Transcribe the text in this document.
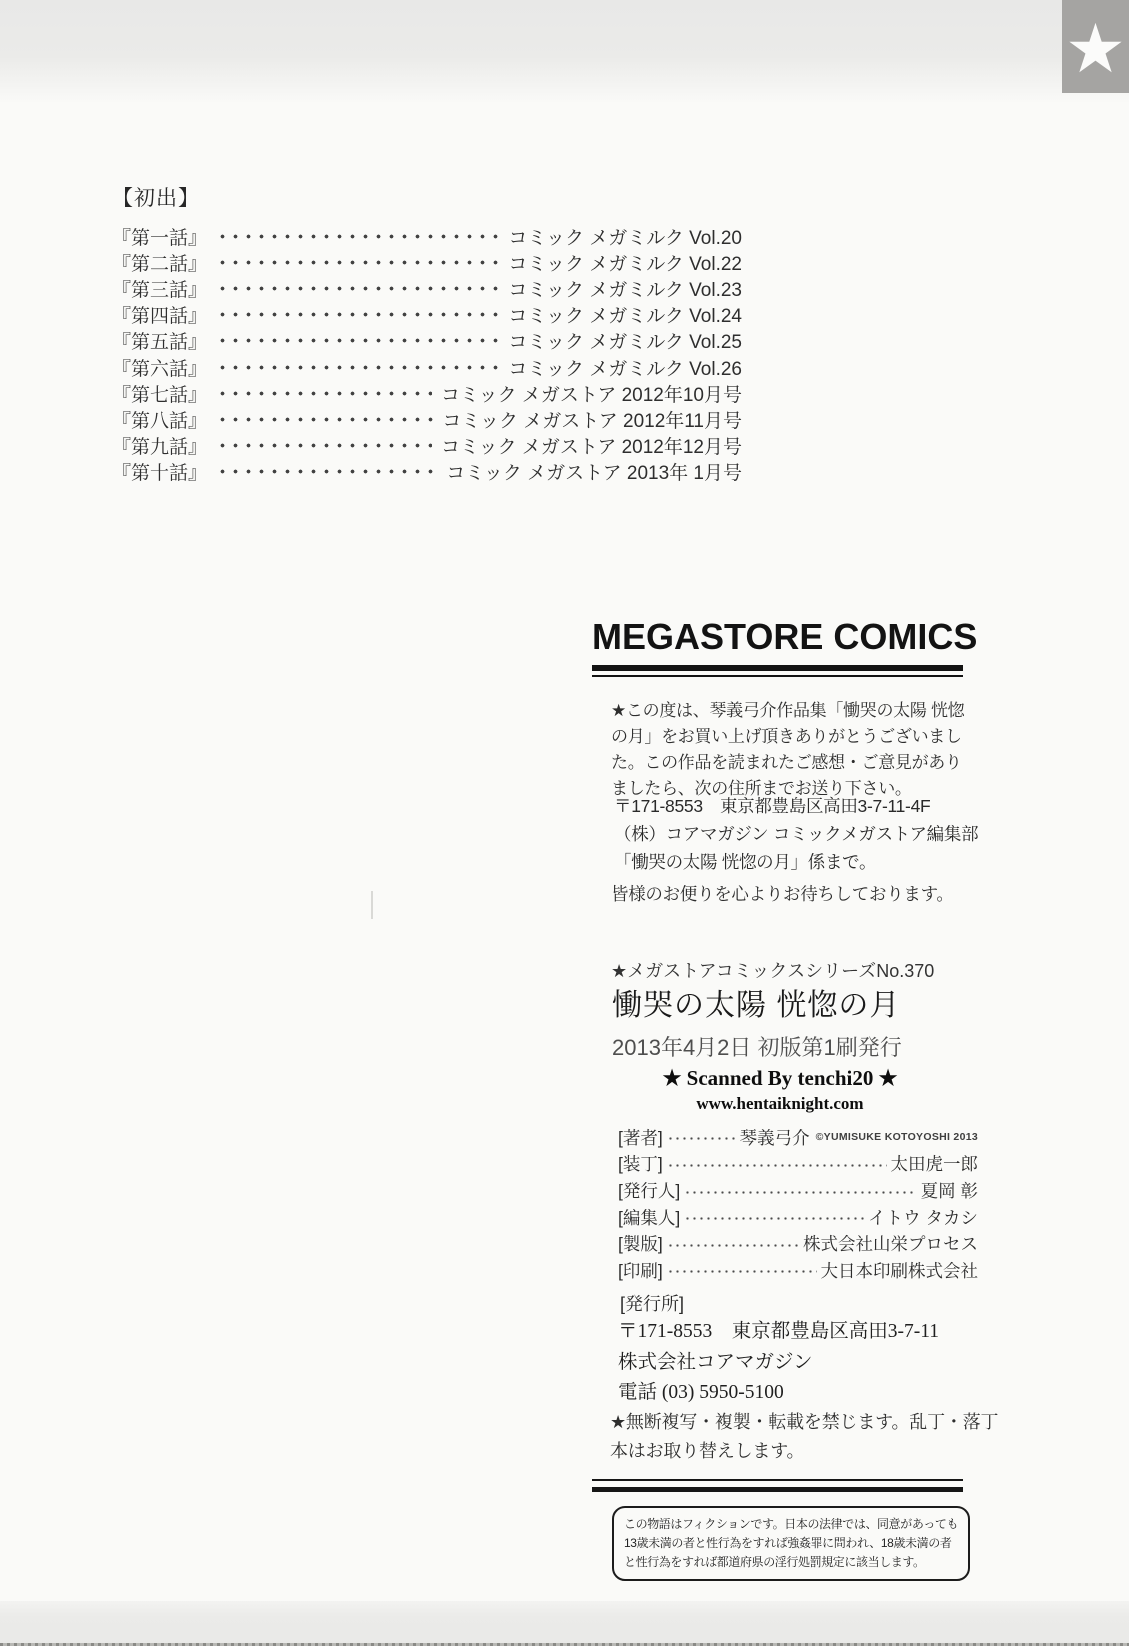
★
【初出】
『第一話』	コミック メガミルク Vol.20
『第二話』	コミック メガミルク Vol.22
『第三話』	コミック メガミルク Vol.23
『第四話』	コミック メガミルク Vol.24
『第五話』	コミック メガミルク Vol.25
『第六話』	コミック メガミルク Vol.26
『第七話』	コミック メガストア 2012年10月号
『第八話』	コミック メガストア 2012年11月号
『第九話』	コミック メガストア 2012年12月号
『第十話』	コミック メガストア 2013年 1月号
MEGASTORE COMICS
★この度は、琴義弓介作品集「慟哭の太陽 恍惚
の月」をお買い上げ頂きありがとうございまし
た。この作品を読まれたご感想・ご意見があり
ましたら、次の住所までお送り下さい。
〒171-8553　東京都豊島区高田3-7-11-4F
（株）コアマガジン コミックメガストア編集部
「慟哭の太陽 恍惚の月」係まで。
皆様のお便りを心よりお待ちしております。
★メガストアコミックスシリーズNo.370
慟哭の太陽 恍惚の月
2013年4月2日 初版第1刷発行
★ Scanned By tenchi20 ★
www.hentaiknight.com
[著者]	琴義弓介 ©YUMISUKE KOTOYOSHI 2013
[装丁]	太田虎一郎
[発行人]	夏岡 彰
[編集人]	イトウ タカシ
[製版]	株式会社山栄プロセス
[印刷]	大日本印刷株式会社
[発行所]
〒171-8553　東京都豊島区高田3-7-11
株式会社コアマガジン
電話 (03) 5950-5100
★無断複写・複製・転載を禁じます。乱丁・落丁
本はお取り替えします。
この物語はフィクションです。日本の法律では、同意があっても
13歳未満の者と性行為をすれば強姦罪に問われ、18歳未満の者
と性行為をすれば都道府県の淫行処罰規定に該当します。
